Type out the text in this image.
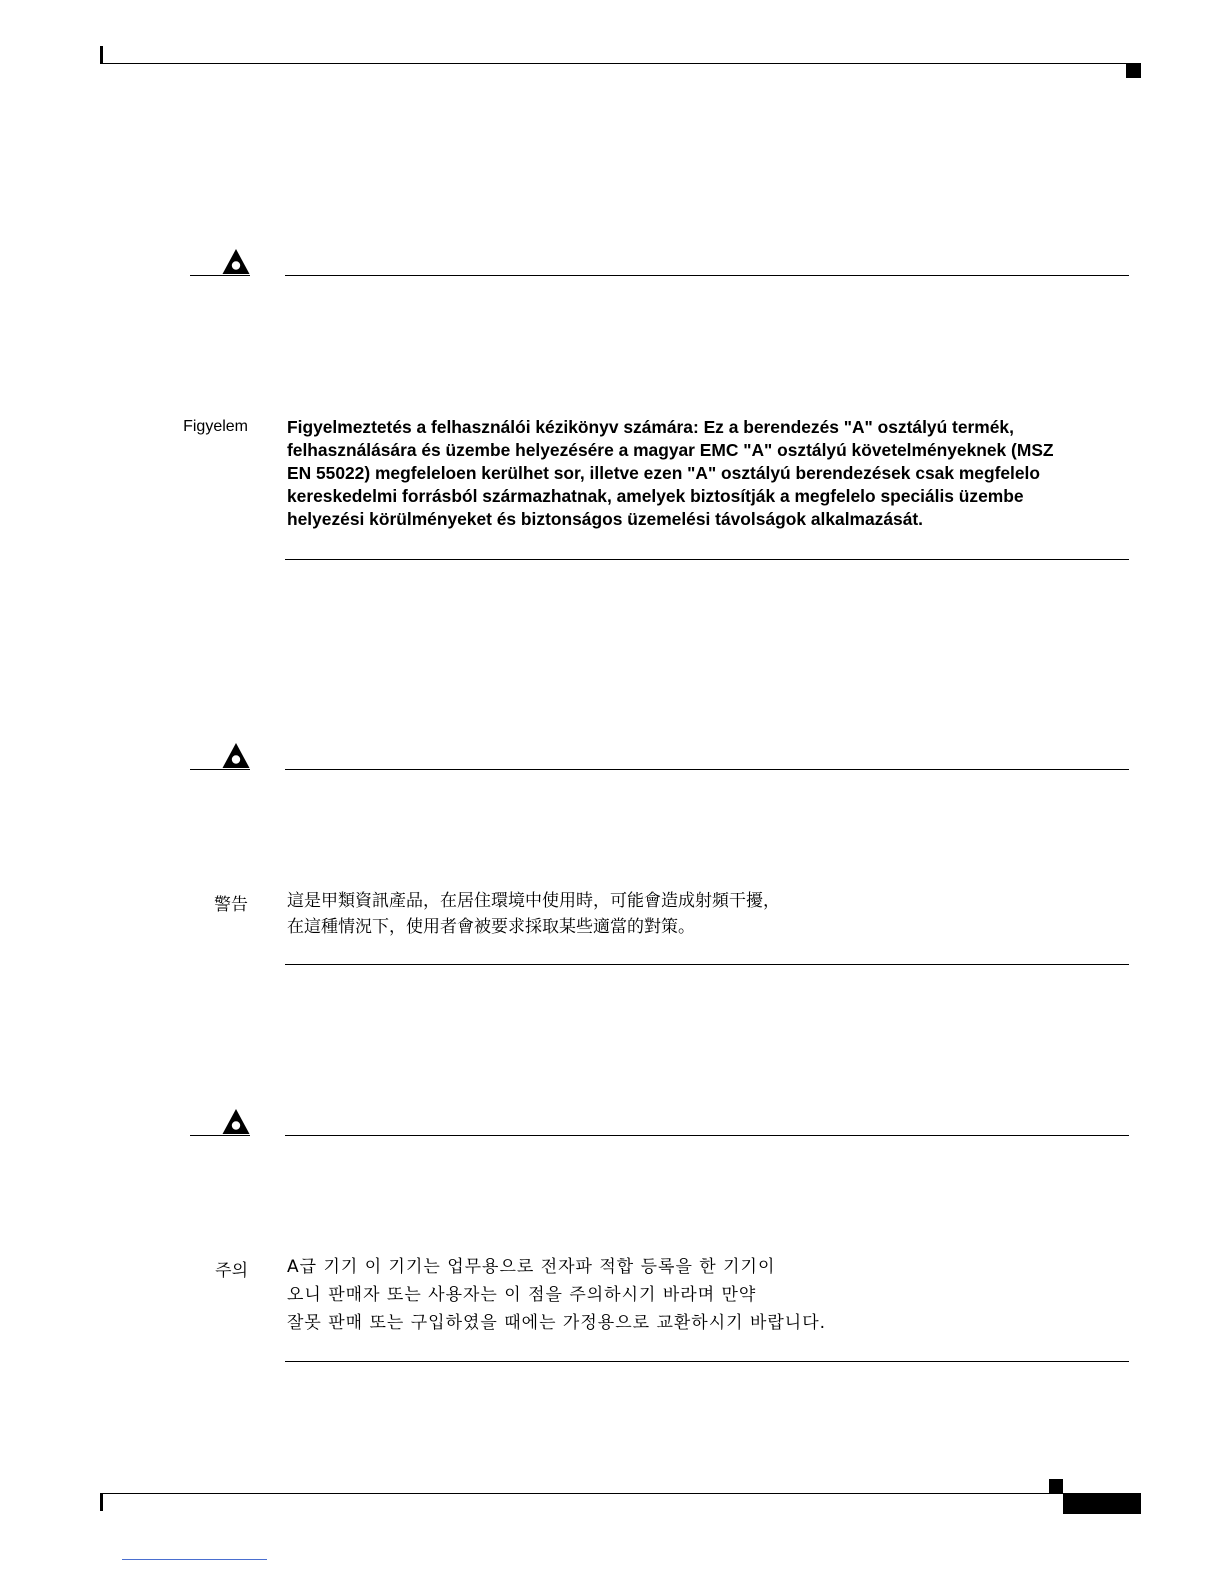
Figyelem Figyelmeztetés a felhasználói kézikönyv számára: Ez a berendezés "A" osztályú termék,
felhasználására és üzembe helyezésére a magyar EMC "A" osztályú követelményeknek (MSZ
EN 55022) megfeleloen kerülhet sor, illetve ezen "A" osztályú berendezések csak megfelelo
kereskedelmi forrásból származhatnak, amelyek biztosítják a megfelelo speciális üzembe
helyezési körülményeket és biztonságos üzemelési távolságok alkalmazását.
警告 這是甲類資訊產品，在居住環境中使用時，可能會造成射頻干擾，
在這種情況下，使用者會被要求採取某些適當的對策。
주의 A급 기기 이 기기는 업무용으로 전자파 적합 등록을 한 기기이
오니 판매자 또는 사용자는 이 점을 주의하시기 바라며 만약
잘못 판매 또는 구입하였을 때에는 가정용으로 교환하시기 바랍니다.
